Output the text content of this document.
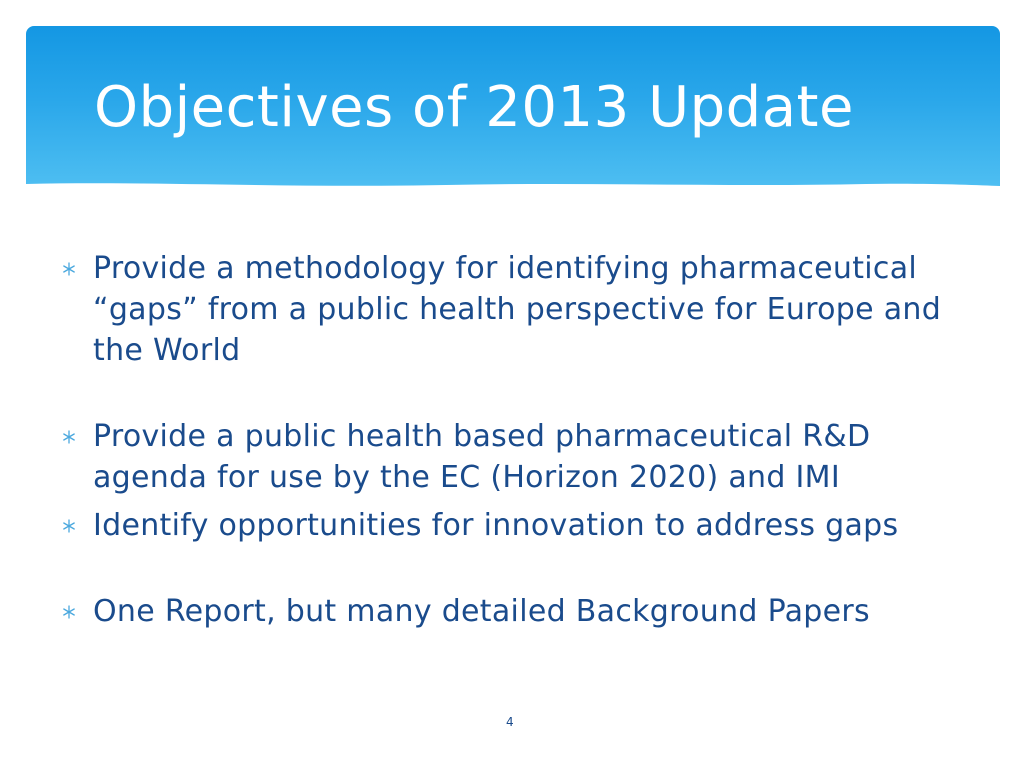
Objectives of 2013 Update
Provide a methodology for identifying pharmaceutical “gaps” from a public health perspective for Europe and the World
Provide a public health based pharmaceutical R&D agenda for use by the EC (Horizon 2020) and IMI
Identify opportunities for innovation to address gaps
One Report, but many detailed Background Papers
4
